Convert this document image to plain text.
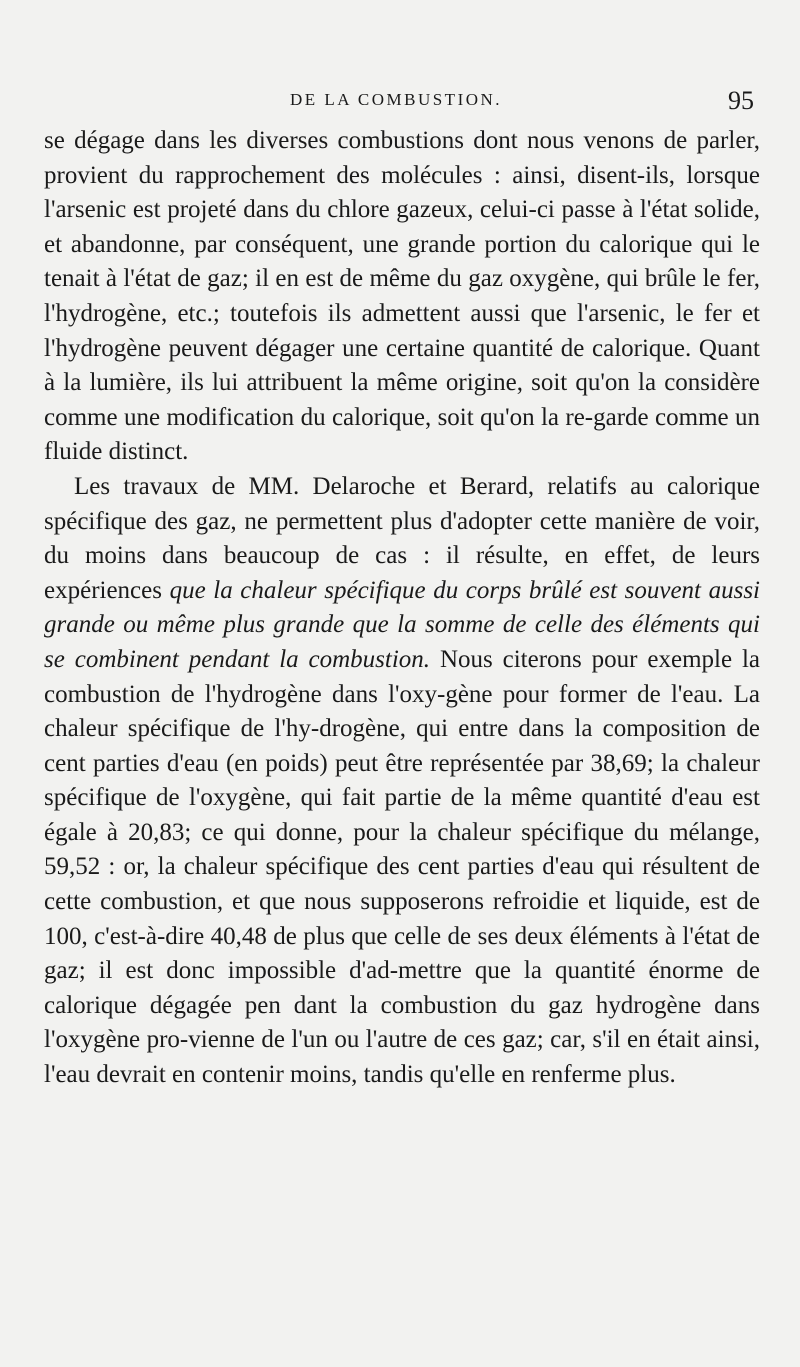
DE LA COMBUSTION.	95

se dégage dans les diverses combustions dont nous venons de parler, provient du rapprochement des molécules : ainsi, disent-ils, lorsque l'arsenic est projeté dans du chlore gazeux, celui-ci passe à l'état solide, et abandonne, par conséquent, une grande portion du calorique qui le tenait à l'état de gaz; il en est de même du gaz oxygène, qui brûle le fer, l'hydrogène, etc.; toutefois ils admettent aussi que l'arsenic, le fer et l'hydrogène peuvent dégager une certaine quantité de calorique. Quant à la lumière, ils lui attribuent la même origine, soit qu'on la considère comme une modification du calorique, soit qu'on la re-garde comme un fluide distinct.

Les travaux de MM. Delaroche et Berard, relatifs au calorique spécifique des gaz, ne permettent plus d'adopter cette manière de voir, du moins dans beaucoup de cas : il résulte, en effet, de leurs expériences que la chaleur spécifique du corps brûlé est souvent aussi grande ou même plus grande que la somme de celle des éléments qui se combinent pendant la combustion. Nous citerons pour exemple la combustion de l'hydrogène dans l'oxy-gène pour former de l'eau. La chaleur spécifique de l'hy-drogène, qui entre dans la composition de cent parties d'eau (en poids) peut être représentée par 38,69; la chaleur spécifique de l'oxygène, qui fait partie de la même quantité d'eau est égale à 20,83; ce qui donne, pour la chaleur spécifique du mélange, 59,52 : or, la chaleur spécifique des cent parties d'eau qui résultent de cette combustion, et que nous supposerons refroidie et liquide, est de 100, c'est-à-dire 40,48 de plus que celle de ses deux éléments à l'état de gaz; il est donc impossible d'ad-mettre que la quantité énorme de calorique dégagée pen dant la combustion du gaz hydrogène dans l'oxygène pro-vienne de l'un ou l'autre de ces gaz; car, s'il en était ainsi, l'eau devrait en contenir moins, tandis qu'elle en renferme plus.
